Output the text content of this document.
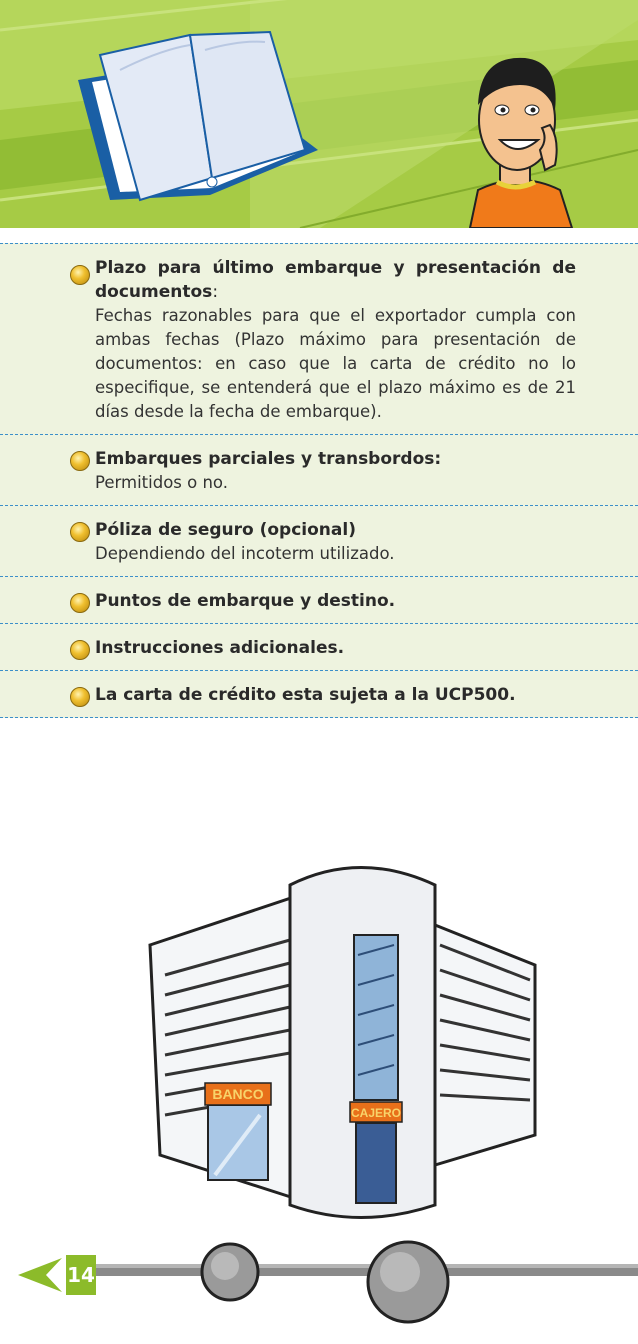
Plazo para último embarque y presentación de documentos:
Fechas razonables para que el exportador cumpla con ambas fechas (Plazo máximo para presentación de documentos: en caso que la carta de crédito no lo especifique, se entenderá que el plazo máximo es de 21 días desde la fecha de embarque).
Embarques parciales y transbordos:
Permitidos o no.
Póliza de seguro (opcional)
Dependiendo del incoterm utilizado.
Puntos de embarque y destino.
Instrucciones adicionales.
La carta de crédito esta sujeta a la UCP500.
BANCO
CAJERO
14
